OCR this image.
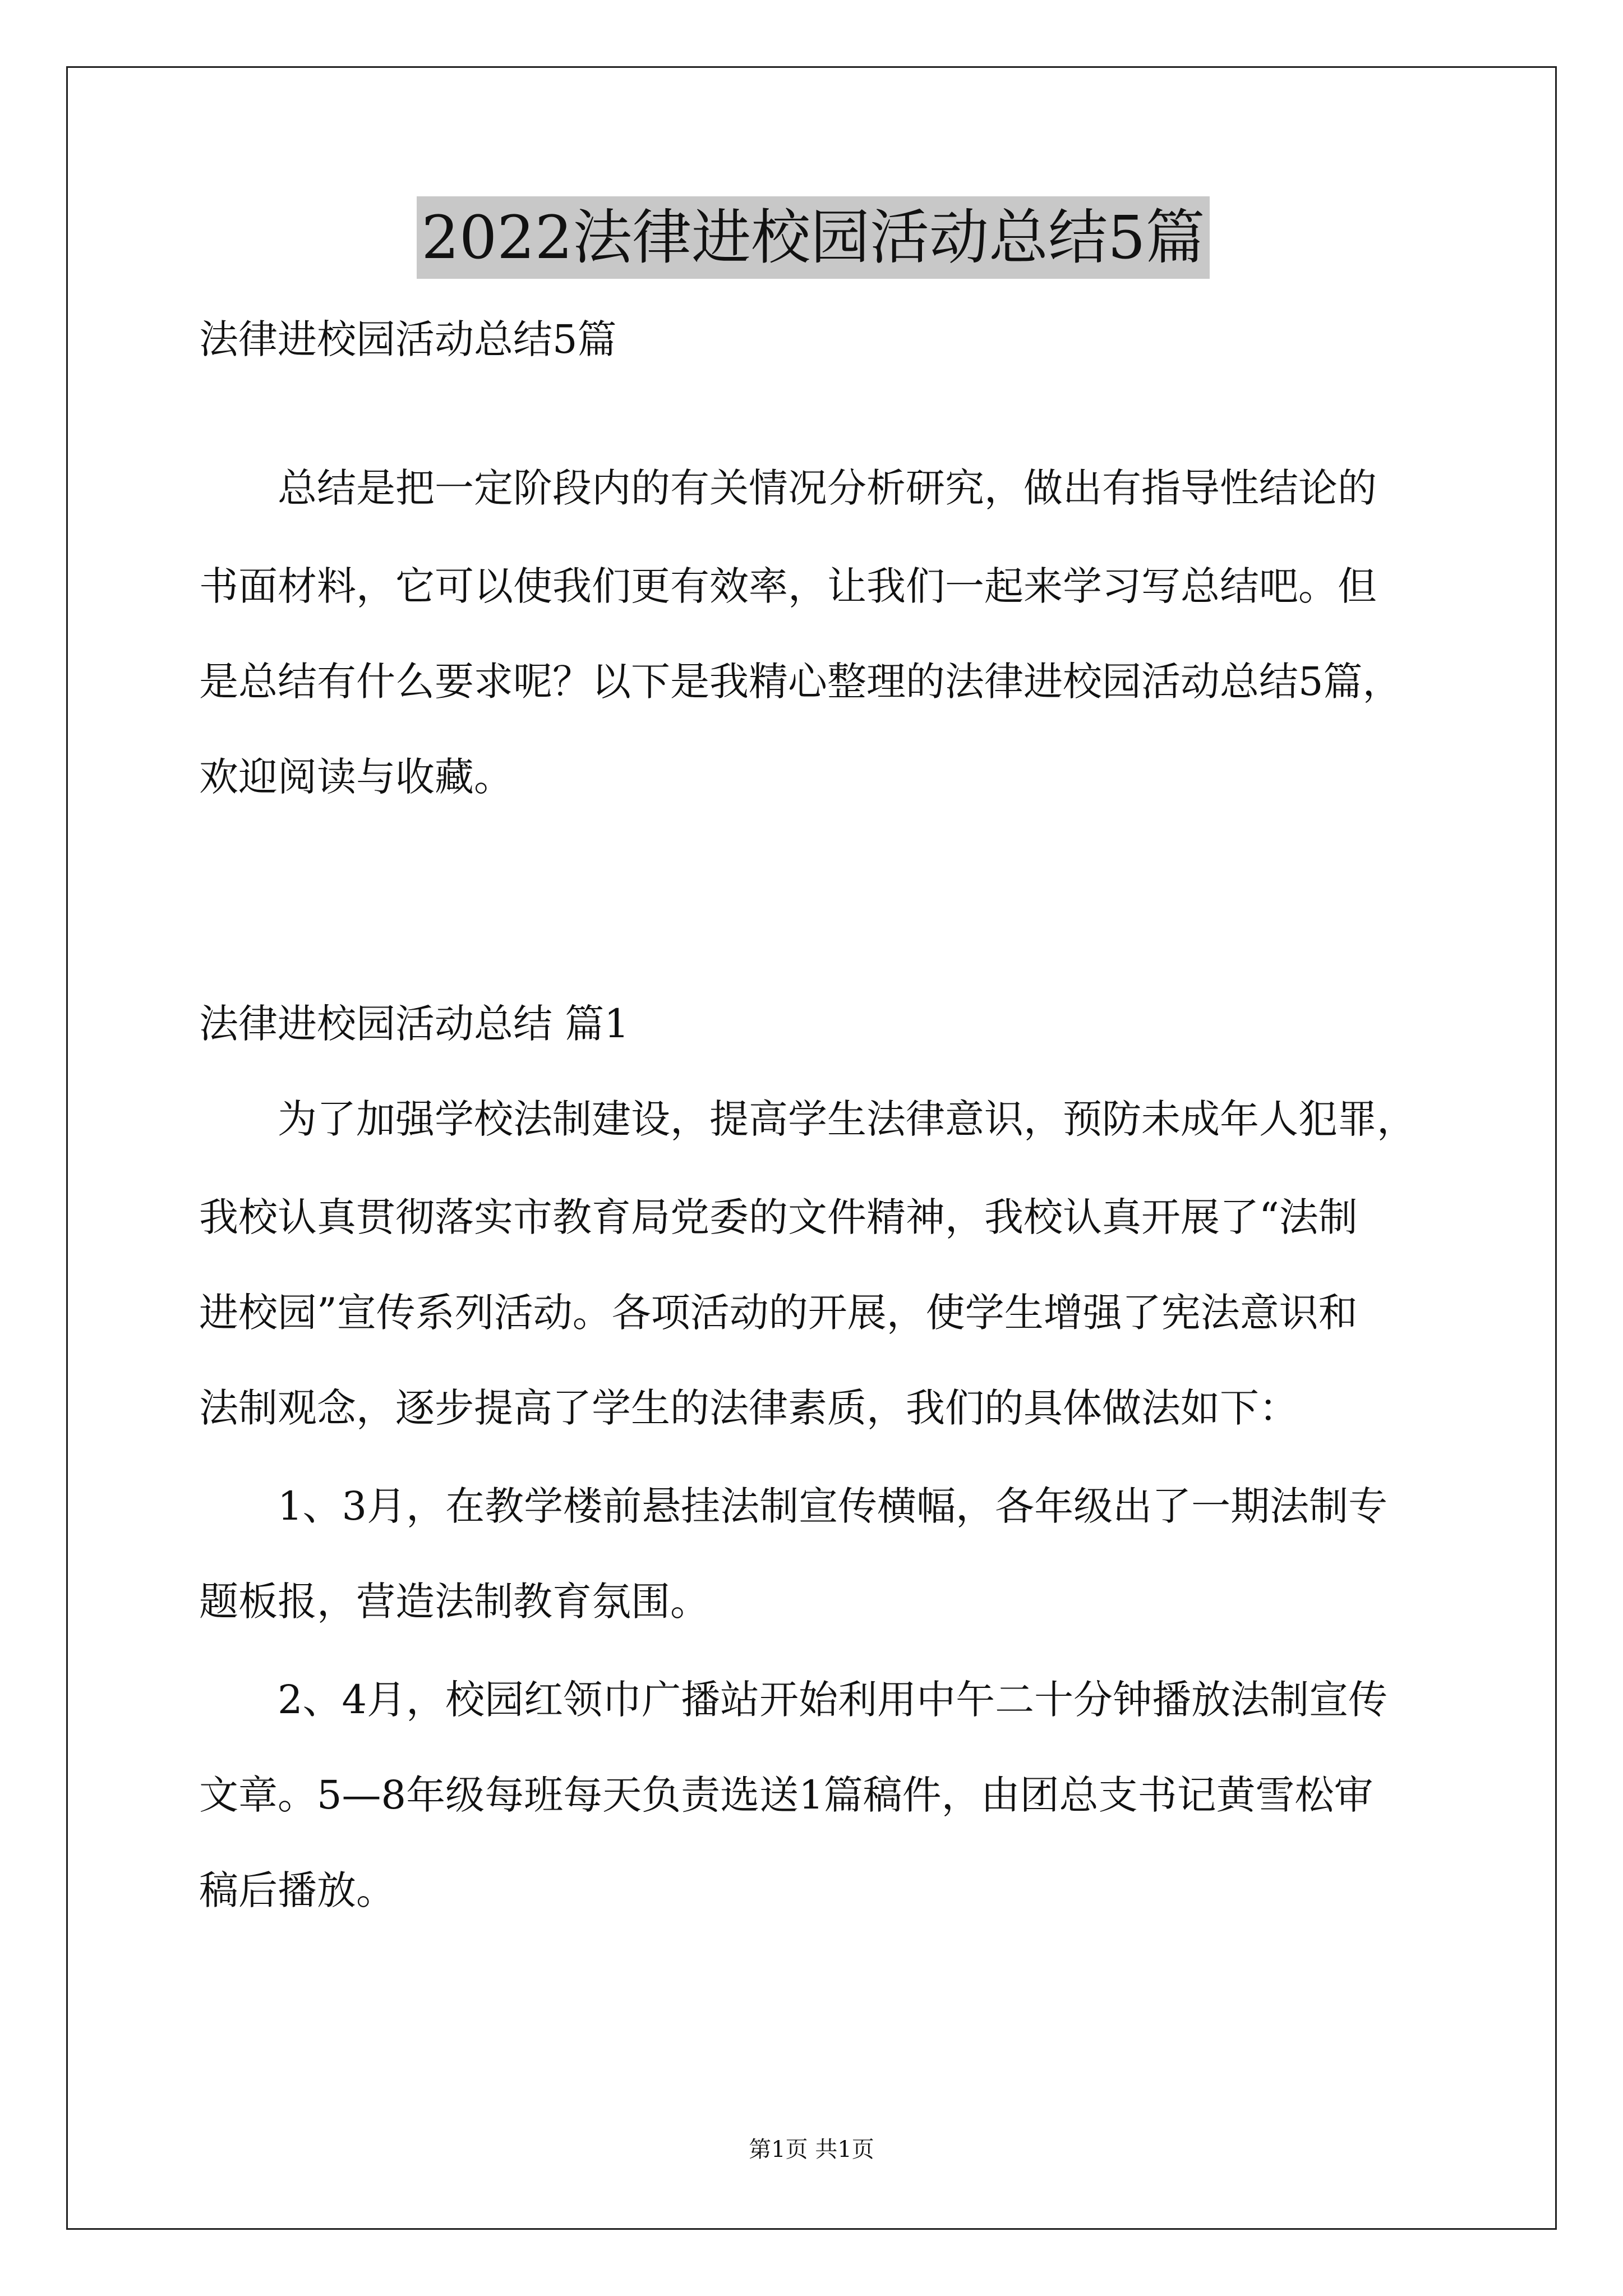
2022法律进校园活动总结5篇

法律进校园活动总结5篇

总结是把一定阶段内的有关情况分析研究，做出有指导性结论的

书面材料，它可以使我们更有效率，让我们一起来学习写总结吧。但

是总结有什么要求呢？以下是我精心整理的法律进校园活动总结5篇，

欢迎阅读与收藏。

法律进校园活动总结 篇1

为了加强学校法制建设，提高学生法律意识，预防未成年人犯罪，

我校认真贯彻落实市教育局党委的文件精神，我校认真开展了“法制

进校园”宣传系列活动。各项活动的开展，使学生增强了宪法意识和

法制观念，逐步提高了学生的法律素质，我们的具体做法如下：

1、3月，在教学楼前悬挂法制宣传横幅，各年级出了一期法制专

题板报，营造法制教育氛围。

2、4月，校园红领巾广播站开始利用中午二十分钟播放法制宣传

文章。5—8年级每班每天负责选送1篇稿件，由团总支书记黄雪松审

稿后播放。

第1页 共1页
